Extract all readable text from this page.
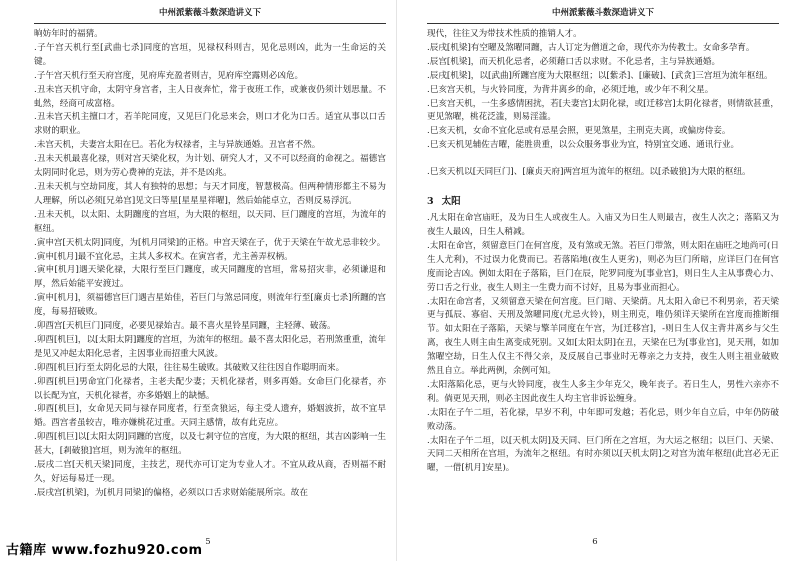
中州派紫薇斗数深造讲义下

晌妨年时的福猜。

.子午宫天机行至[武曲七杀]同度的宫垣，见禄权科则吉，见化忌则凶，此为一生命运的关键。

.子午宫天机行至天府宫度，见府库充盈者则吉，见府库空露则必凶危。

.丑未宫天机守命，太阴守身宫者，主人日夜奔忙，常于夜班工作，或兼夜仍须计划思量。不虬然，经商可成富格。

.丑未宫天机主擅口才，若羊陀同度，又见巨门化忌来会，则口才化为口舌。适宜从事以口舌求财的职业。

.未宫天机，夫妻宫太阳在巳。若化为权禄者，主与异族通婚。丑宫者不然。

.丑未天机最喜化禄，则对宫天梁化权，为计划、研究人才，又不可以经商的命视之。福德宫太阴同时化忌，则为劳心费神的克法，并不是凶兆。

.丑未天机与空劫同度，其人有独特的思想；与天才同度，智慧极高。但两种情形都主不易为人理解，所以必须[兄弟宫]见文曰等星[星星星祥曜]，然后始能卓立，否则反易浮沉。

.丑未天机，以太阳、太阴躔度的宫垣，为大限的枢纽，以天同、巨门躔度的宫垣，为流年的枢纽。

.寅申宫[天机太阴]同度，为[机月同梁]的正格。申宫天梁在子，优于天梁在午故尤忌非较少。

.寅申[机月]最不宜化忌，主其人多权术。在寅宫者，尤主善弄权柄。

.寅申[机月]遇天梁化禄，大限行至巨门躔度，或天同躔度的宫垣，常易招灾非，必须谦退和厚，然后始能平安渡过。

.寅申[机月]，须福德宫巨门遇吉星始佳，若巨门与煞忌同度，则流年行至[廉贞七杀]所躔的宫度，每易招破败。

.卯酉宫[天机巨门]同度，必要见禄始吉。最不喜火星铃星同躔，主轻薄、破荡。

.卯酉[机巨]，以[太阳太阴]躔度的宫垣，为流年的枢纽。最不喜太阳化忌，若刑煞重重，流年是见又冲起太阳化忌者，主因事业而招重大风波。

.卯酉[机巨]行至太阴化忌的大限，往往易生破败。其破败又往往因自作聪明而来。

.卯酉[机巨]男命宜门化禄者，主老夫配少妻；天机化禄者，则多再婚。女命巨门化禄者，亦以长配为宜，天机化禄者，亦多婚姻上的缺憾。

.卯酉[机巨]，女命见天同与禄存同度者，行至贪狼运，每主受人遗弃，婚姻波折，故不宜早婚。酉宫者虽较吉，唯亦嫌桃花过重。天同主感情，故有此克应。

.卯酉[机巨]以[太阳太阴]同躔的宫度，以及七剎守位的宫度，为大限的枢纽，其吉凶影响一生甚大，[剎破狼]宫垣，则为流年的枢纽。

.辰戌二宫[天机天梁]同度，主技艺，现代亦可订定为专业人才。不宜从政从商，否则福不耐久，好运每易迁一现。

.辰戌宫[机梁]，为[机月同梁]的偏格，必须以口舌求财始能展所宗。故在

5
中州派紫薇斗数深造讲义下

现代，往往又为带技术性质的推销人才。

.辰戌[机梁]有空曜及煞曜同躔，古人订定为僧道之命，现代亦为传教士。女命多孕育。

.辰宫[机梁]，而天机化忌者，必须藉口舌以求财。不化忌者，主与异族通婚。

.辰戌[机梁]，以[武曲]所躔宫度为大限枢纽；以[紫杀]、[廉破]、[武贪]三宫垣为流年枢纽。

.巳亥宫天机，与火铃同度，为背井离乡的命，必须迁地，或少年不利父星。

.巳亥宫天机，一生多感情困扰，若[夫妻宫]太阴化禄，或[迁移宫]太阴化禄者，则情欲甚重，更见煞曜，桃花泛滥，则易淫滥。

.巳亥天机，女命不宜化忌或有忌星会照，更见煞星，主刑克夫离，或偏房侍妾。

.巳亥天机见辅佐吉曜，能胜贵重，以公众服务事业为宜，特别宜交通、通讯行业。

.巳亥天机以[天同巨门]、[廉贞天府]两宫垣为流年的枢纽。以[杀破狼]为大限的枢纽。

3 太阳

.凡太阳在命宫庙旺，及为日生人或夜生人。入庙又为日生人则最吉，夜生人次之；落陷又为夜生人最凶，日生人稍减。

.太阳在命宫，须留意巨门在何宫度，及有煞或无煞。若巨门带煞，则太阳在庙旺之地尚可(日生人尤利)，不过误力化费而已。若落陷地(夜生人更劣)，则必为巨门所暗，应详巨门在何宫度而论吉凶。例如太阳在子落陷，巨门在辰，陀罗同度为[事业宫]，则日生人主从事费心力、劳口舌之行业，夜生人则主一生费力而不讨好，且易为事业而担心。

.太阳在命宫者，又须留意天梁在何宫度。巨门暗、天梁荫。凡太阳入命已不利男亲，若天梁更与孤辰、寡宿、天刑及煞曜同度(尤忌火铃)，则主刑克，唯仍须详天梁所在宫度而推断细节。如太阳在子落陷，天梁与擎羊同度在午宫，为[迁移宫]，-则日生人仅主背井离乡与父生离，夜生人则主由生离变成死别。又如[太阳太阴]在丑，天梁在巳为[事业宫]，见天刑，如加煞曜空劫，日生人仅主不得父亲，及反展自己事业时无尊亲之力支持，夜生人则主祖业破败然且自立。举此两例，余例可知。

.太阳落陷化忌，更与火铃同度，夜生人多主少年克父，晚年丧子。若日生人，男性六亲亦不利。倘更见天刑，则必主因此夜生人均主官非诉讼缠身。

.太阳在子午二垣，若化禄，早岁不利，中年即可发越；若化忌，则少年自立后，中年仍防破败动荡。

.太阳在子午二垣，以[天机太阴]及天同、巨门所在之宫垣，为大运之枢纽；以巨门、天梁、天同二天相所在宫垣，为流年之枢纽。有时亦须以[天机太阴]之对宫为流年枢纽(此宫必无正曜，一借[机月]安星)。

6
古籍库 www.fozhu920.com
